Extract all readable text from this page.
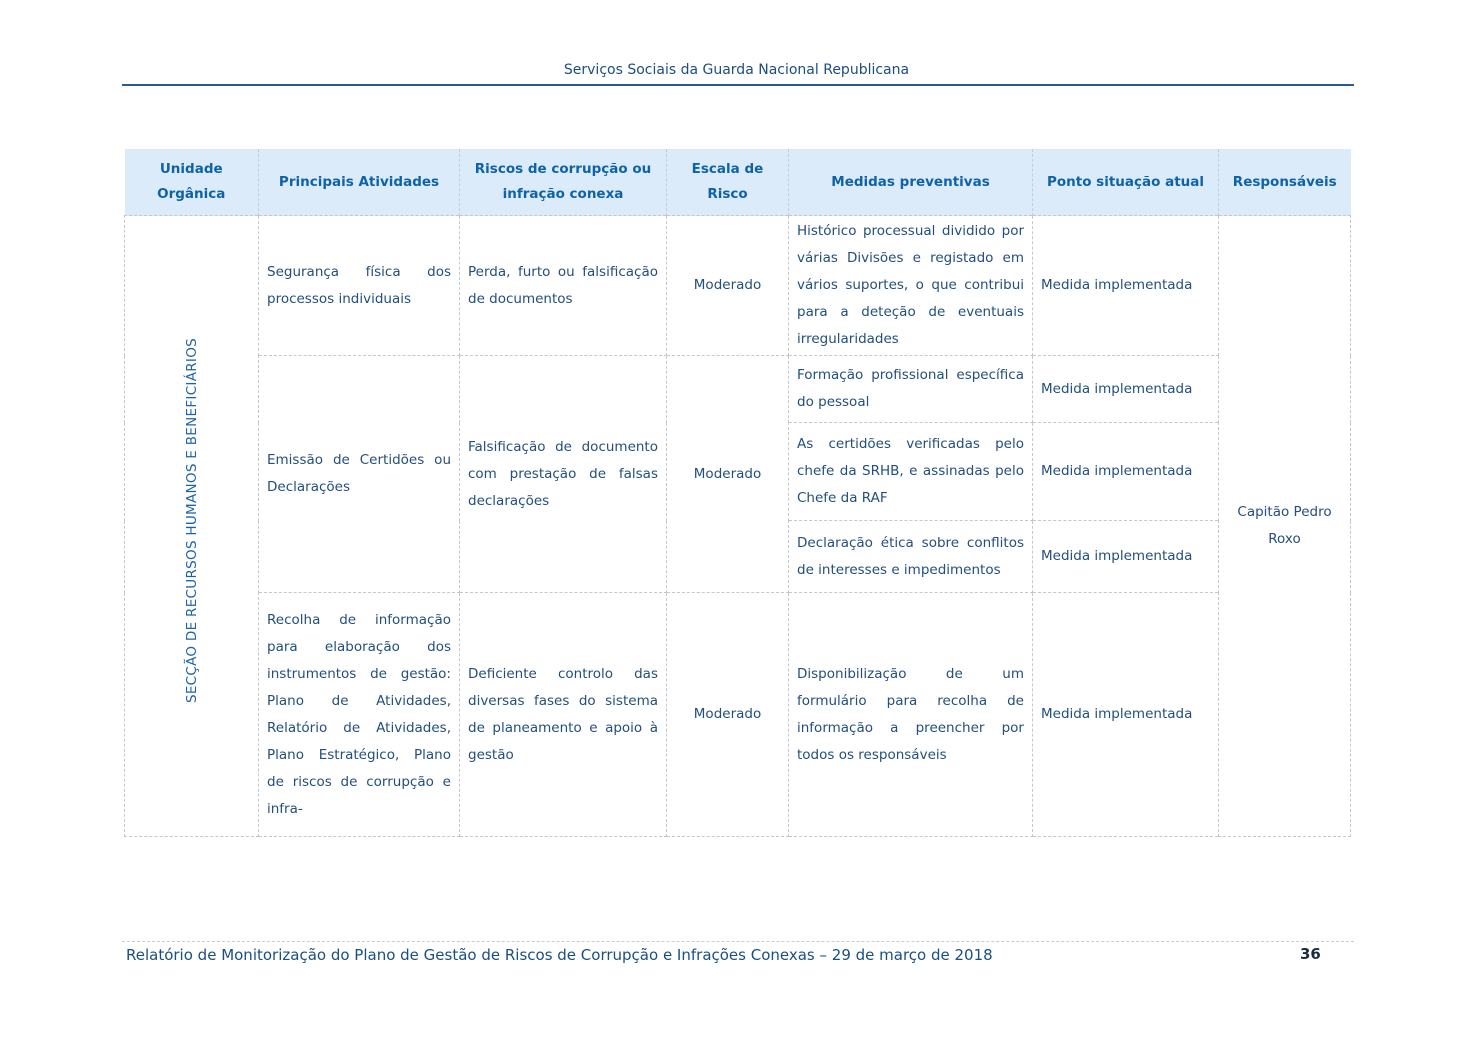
Serviços Sociais da Guarda Nacional Republicana
Unidade Orgânica	Principais Atividades	Riscos de corrupção ou infração conexa	Escala de Risco	Medidas preventivas	Ponto situação atual	Responsáveis
SECÇÃO DE RECURSOS HUMANOS E BENEFICIÁRIOS	Segurança física dos processos individuais	Perda, furto ou falsificação de documentos	Moderado	Histórico processual dividido por várias Divisões e registado em vários suportes, o que contribui para a deteção de eventuais irregularidades	Medida implementada	Capitão Pedro Roxo
	Emissão de Certidões ou Declarações	Falsificação de documento com prestação de falsas declarações	Moderado	Formação profissional específica do pessoal	Medida implementada	
				As certidões verificadas pelo chefe da SRHB, e assinadas pelo Chefe da RAF	Medida implementada	
				Declaração ética sobre conflitos de interesses e impedimentos	Medida implementada	
	Recolha de informação para elaboração dos instrumentos de gestão: Plano de Atividades, Relatório de Atividades, Plano Estratégico, Plano de riscos de corrupção e infra-	Deficiente controlo das diversas fases do sistema de planeamento e apoio à gestão	Moderado	Disponibilização de um formulário para recolha de informação a preencher por todos os responsáveis	Medida implementada	
Relatório de Monitorização do Plano de Gestão de Riscos de Corrupção e Infrações Conexas – 29 de março de 2018	36
